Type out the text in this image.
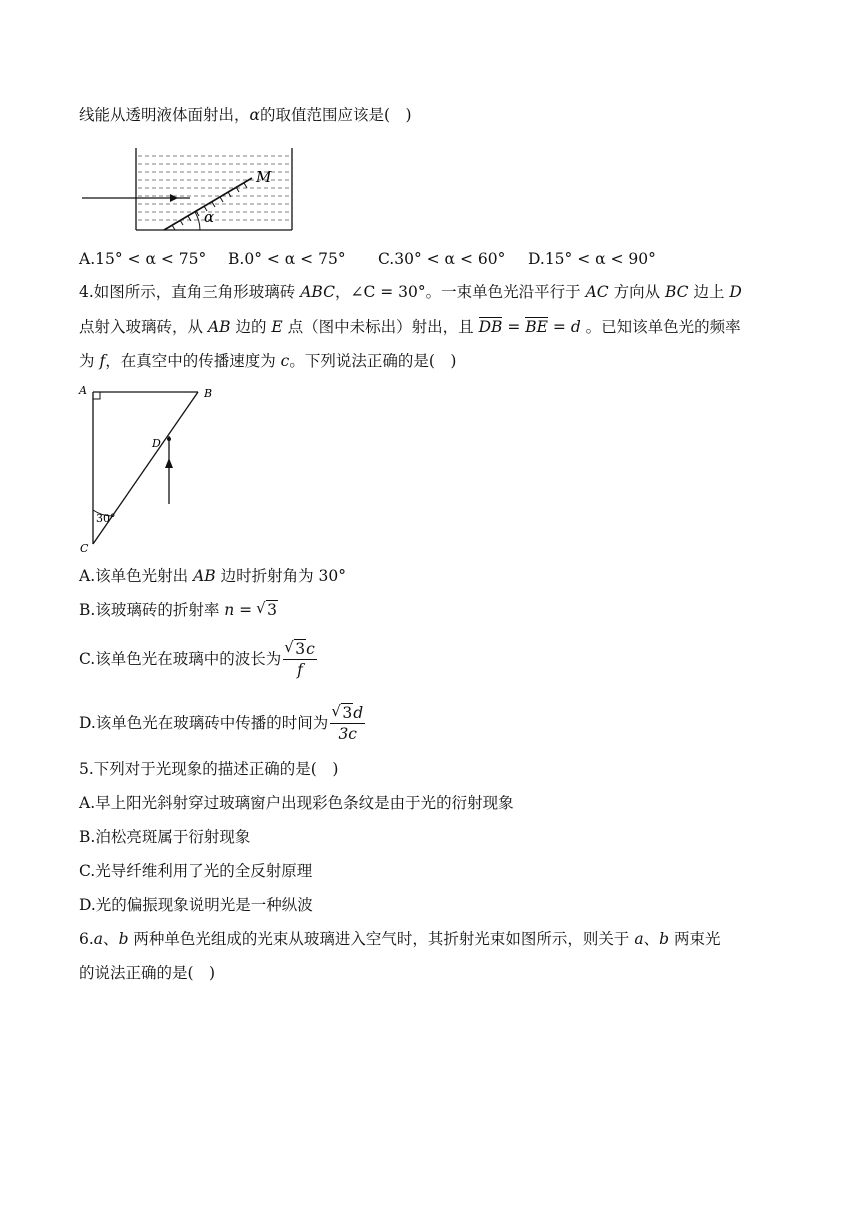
线能从透明液体面射出，α的取值范围应该是(　)
α
M
A.15° < α < 75° B.0° < α < 75° C.30° < α < 60° D.15° < α < 90°
4.如图所示，直角三角形玻璃砖 ABC，∠C = 30°。一束单色光沿平行于 AC 方向从 BC 边上 D
点射入玻璃砖，从 AB 边的 E 点（图中未标出）射出，且 DB = BE = d 。已知该单色光的频率
为 f，在真空中的传播速度为 c。下列说法正确的是(　)
A	B
C
D
30°
A.该单色光射出 AB 边时折射角为 30°
B.该玻璃砖的折射率 n = √ 3
C.该单色光在玻璃中的波长为 √ $\frac{3c}{f}$
D.该单色光在玻璃砖中传播的时间为 √ $\frac{3d}{3c}$
5.下列对于光现象的描述正确的是(　)
A.早上阳光斜射穿过玻璃窗户出现彩色条纹是由于光的衍射现象
B.泊松亮斑属于衍射现象
C.光导纤维利用了光的全反射原理
D.光的偏振现象说明光是一种纵波
6.a、b 两种单色光组成的光束从玻璃进入空气时，其折射光束如图所示，则关于 a、b 两束光
的说法正确的是(　)
